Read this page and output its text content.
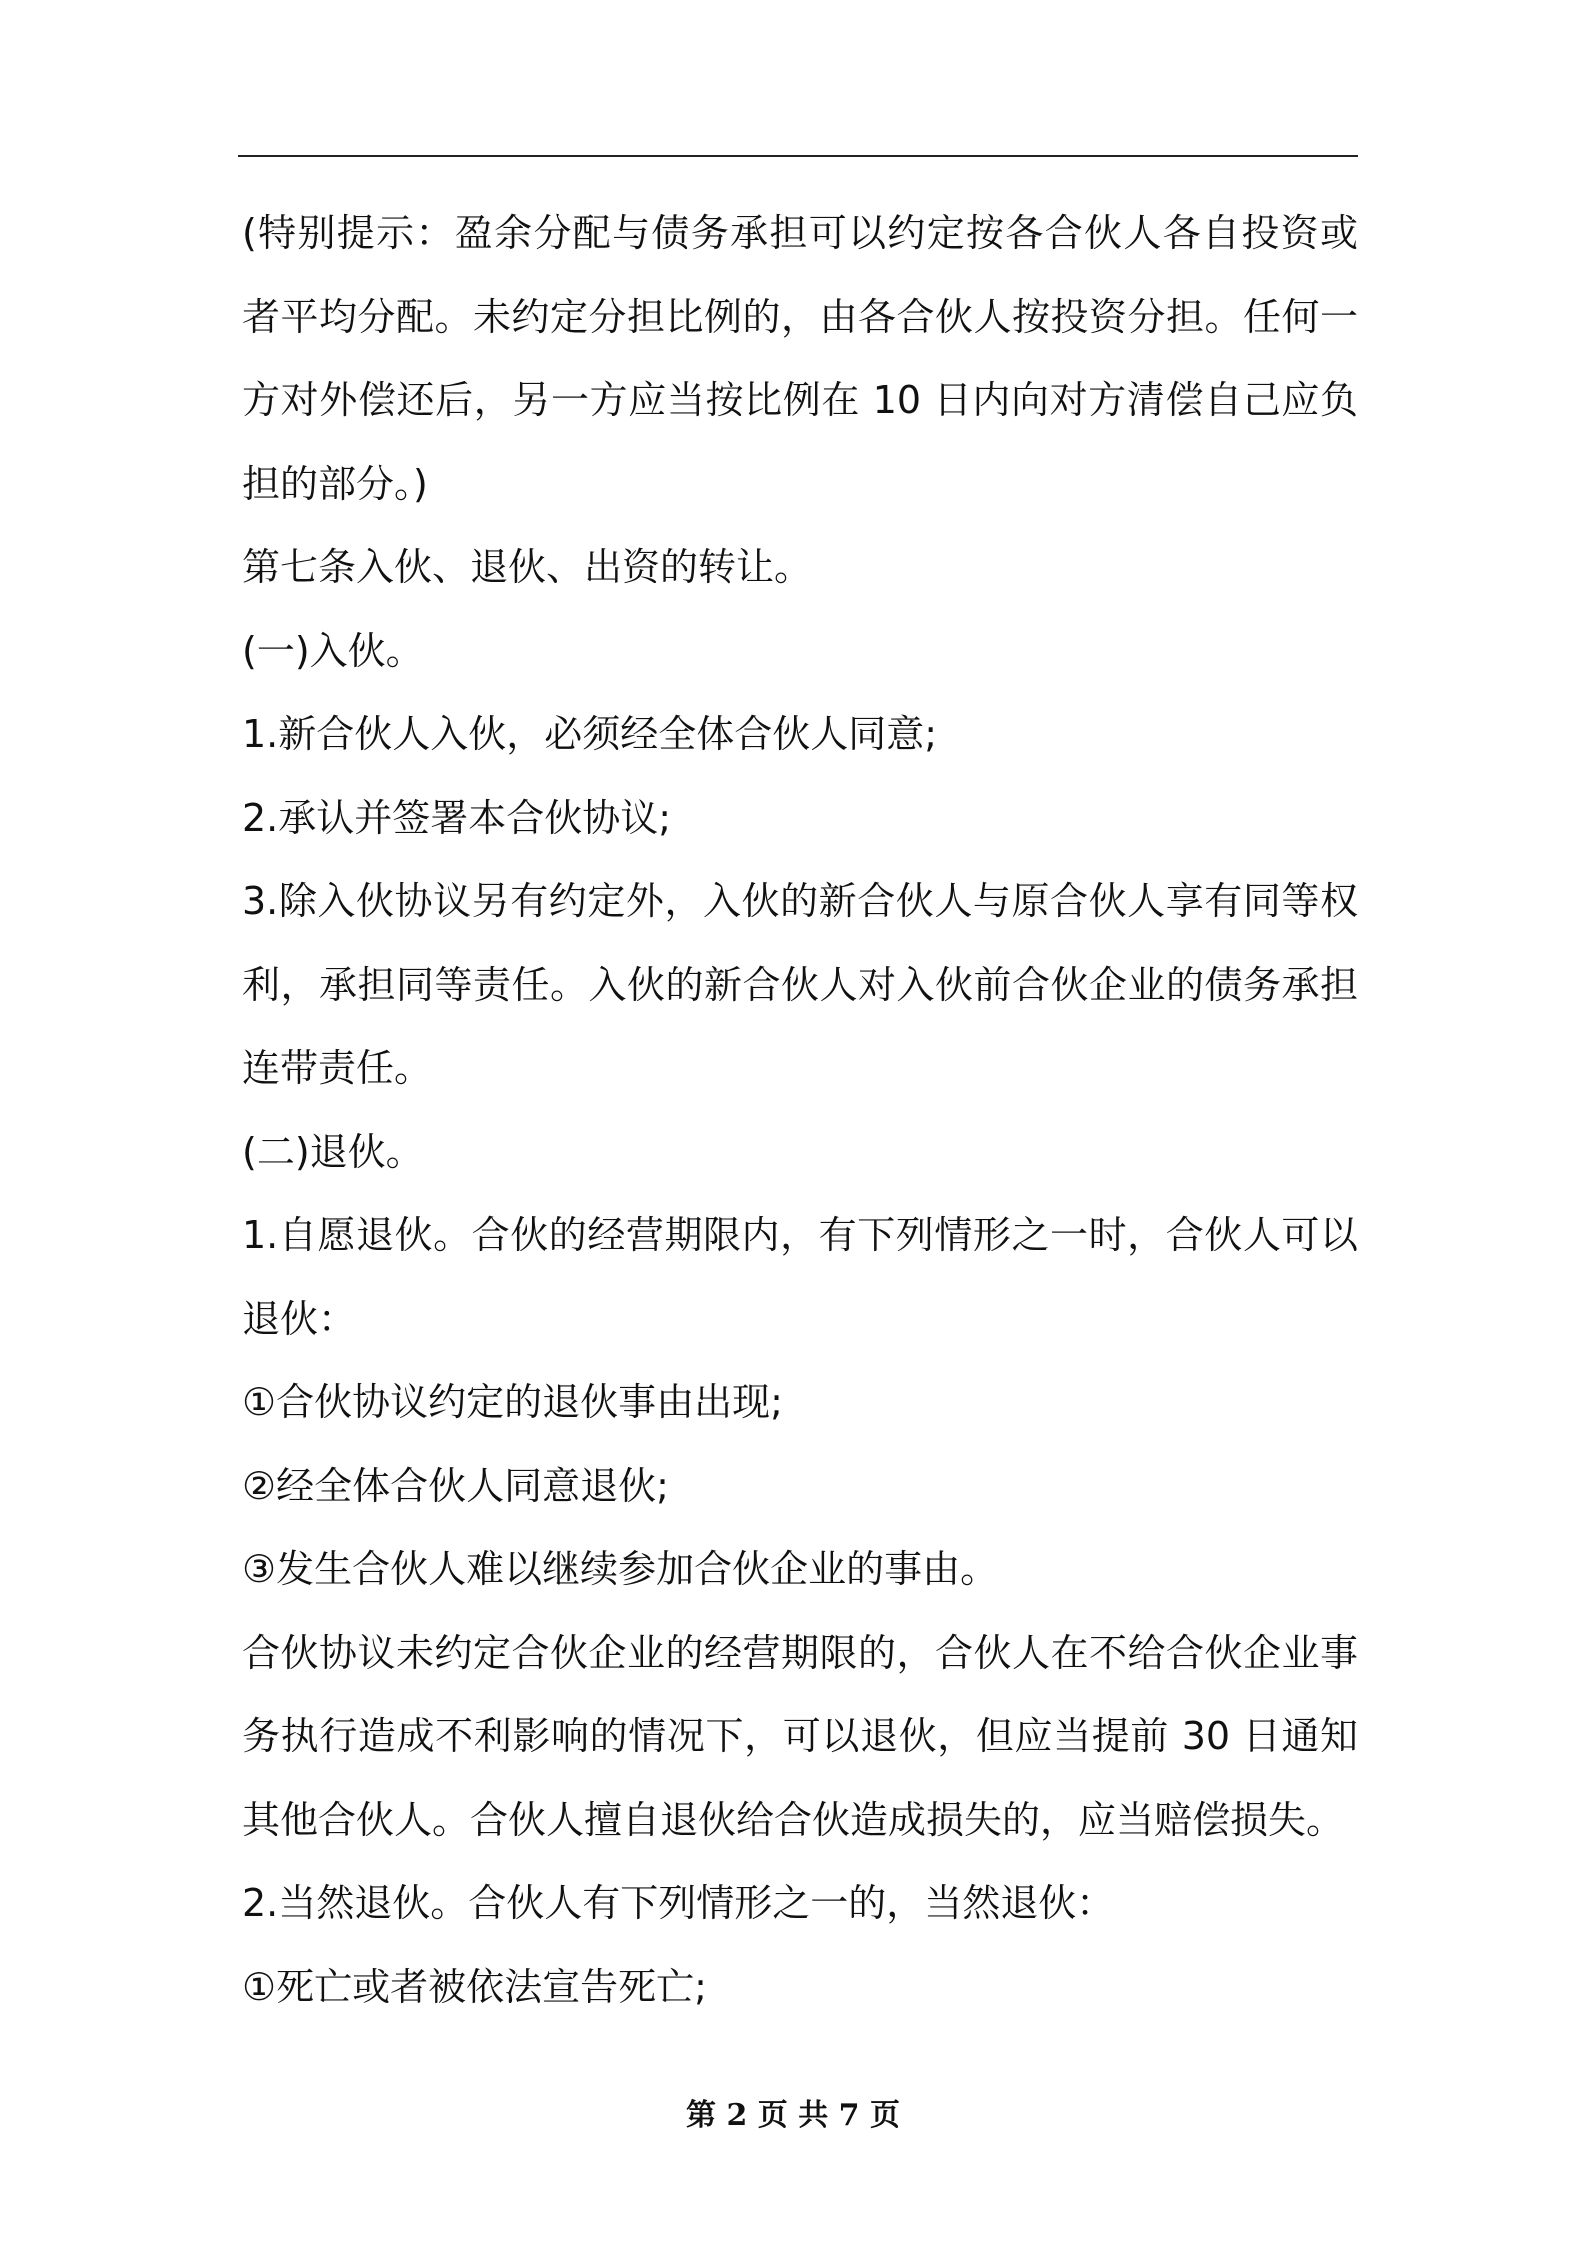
(特别提示：盈余分配与债务承担可以约定按各合伙人各自投资或者平均分配。未约定分担比例的，由各合伙人按投资分担。任何一方对外偿还后，另一方应当按比例在 10 日内向对方清偿自己应负担的部分。)

第七条入伙、退伙、出资的转让。

(一)入伙。

1.新合伙人入伙，必须经全体合伙人同意;

2.承认并签署本合伙协议;

3.除入伙协议另有约定外，入伙的新合伙人与原合伙人享有同等权利，承担同等责任。入伙的新合伙人对入伙前合伙企业的债务承担连带责任。

(二)退伙。

1.自愿退伙。合伙的经营期限内，有下列情形之一时，合伙人可以退伙：

①合伙协议约定的退伙事由出现;

②经全体合伙人同意退伙;

③发生合伙人难以继续参加合伙企业的事由。

合伙协议未约定合伙企业的经营期限的，合伙人在不给合伙企业事务执行造成不利影响的情况下，可以退伙，但应当提前 30 日通知其他合伙人。合伙人擅自退伙给合伙造成损失的，应当赔偿损失。

2.当然退伙。合伙人有下列情形之一的，当然退伙：

①死亡或者被依法宣告死亡;

第 2 页 共 7 页
